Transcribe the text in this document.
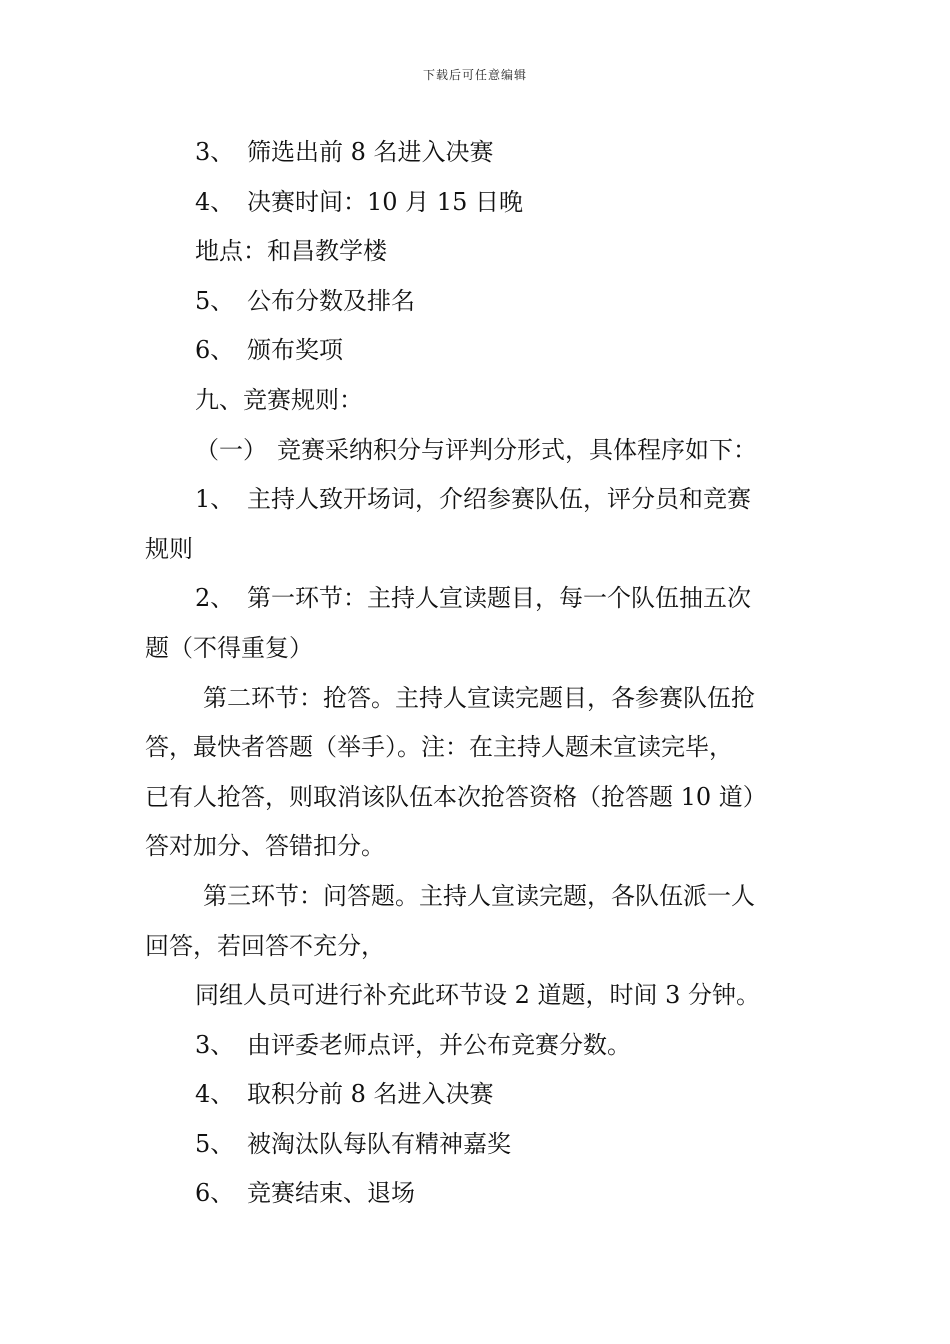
下载后可任意编辑
3、 筛选出前 8 名进入决赛
4、 决赛时间：10 月 15 日晚
地点：和昌教学楼
5、 公布分数及排名
6、 颁布奖项
九、竞赛规则：
（一） 竞赛采纳积分与评判分形式，具体程序如下：
1、 主持人致开场词，介绍参赛队伍，评分员和竞赛
规则
2、 第一环节：主持人宣读题目，每一个队伍抽五次
题（不得重复）
第二环节：抢答。主持人宣读完题目，各参赛队伍抢
答，最快者答题（举手）。注：在主持人题未宣读完毕，
已有人抢答，则取消该队伍本次抢答资格（抢答题 10 道）
答对加分、答错扣分。
第三环节：问答题。主持人宣读完题，各队伍派一人
回答，若回答不充分，
同组人员可进行补充此环节设 2 道题，时间 3 分钟。
3、 由评委老师点评，并公布竞赛分数。
4、 取积分前 8 名进入决赛
5、 被淘汰队每队有精神嘉奖
6、 竞赛结束、退场
